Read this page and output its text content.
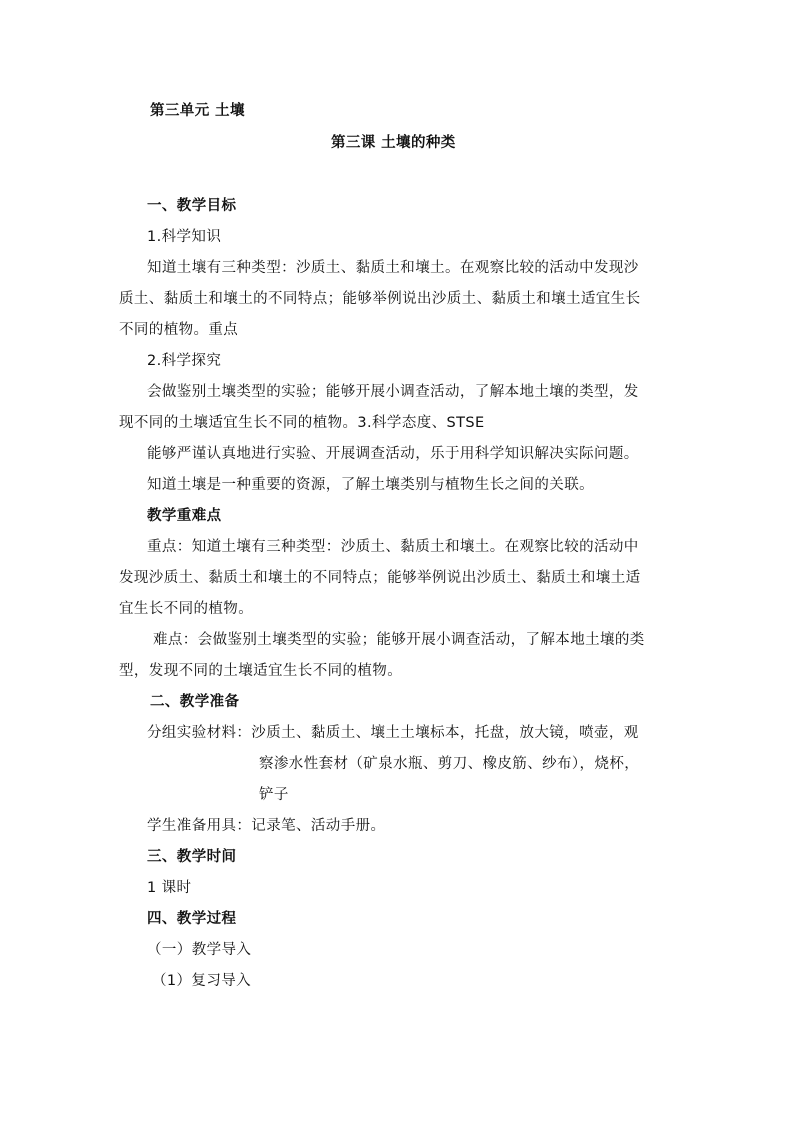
第三单元 土壤
第三课 土壤的种类
一、教学目标
1.科学知识
知道土壤有三种类型：沙质土、黏质土和壤土。在观察比较的活动中发现沙
质土、黏质土和壤土的不同特点；能够举例说出沙质土、黏质土和壤土适宜生长
不同的植物。重点
2.科学探究
会做鉴别土壤类型的实验；能够开展小调查活动，了解本地土壤的类型，发
现不同的土壤适宜生长不同的植物。3.科学态度、STSE
能够严谨认真地进行实验、开展调查活动，乐于用科学知识解决实际问题。
知道土壤是一种重要的资源，了解土壤类别与植物生长之间的关联。
教学重难点
重点：知道土壤有三种类型：沙质土、黏质土和壤土。在观察比较的活动中
发现沙质土、黏质土和壤土的不同特点；能够举例说出沙质土、黏质土和壤土适
宜生长不同的植物。
难点：会做鉴别土壤类型的实验；能够开展小调查活动，了解本地土壤的类
型，发现不同的土壤适宜生长不同的植物。
二、教学准备
分组实验材料：沙质土、黏质土、壤土土壤标本，托盘，放大镜，喷壶，观
察渗水性套材（矿泉水瓶、剪刀、橡皮筋、纱布），烧杯，
铲子
学生准备用具：记录笔、活动手册。
三、教学时间
1 课时
四、教学过程
（一）教学导入
（1）复习导入
